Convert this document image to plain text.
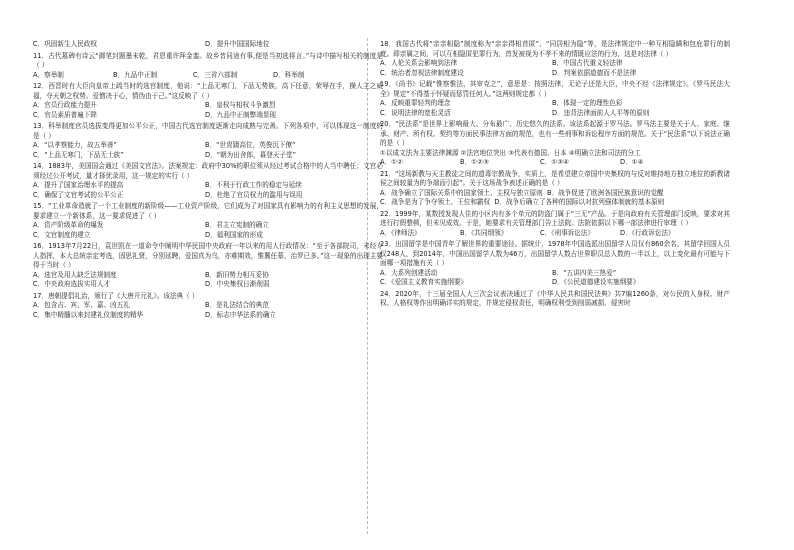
C．巩固新生人民政权	D．提升中国国际地位

11．古代墓碑有诗云“御笔封题墨未乾，君恩重许拜金銮。故乡昔同途有事,便是当初选将言。”与诗中描写相关的制度是（ ）

A．察举制	B．九品中正制	C．三省六部制	D．科举制

12．西晋时有大臣向皇帝上疏当时的选官制度，他说：“上品无寒门，下品无势族，高下任意，荣辱在手，操人主之威福，夺天朝之权势。爱憎决于心，情伪由于己。”这反映了（ ）

A．官员行政能力提升	B．皇权与相权斗争激烈
C．官员素质普遍下降	D．九品中正制弊端显现

13．科举制度官员选拔变得更加公平公正，中国古代选官制度逐渐走向成熟与完善。下列各项中，可以体现这一制度的是（ ）

A．“以孝察能力，故五举善”	B．“世胄蹑高位，英俊沉下僚”
C．“上品无寒门，下品无士族”	D．“朝为田舍郎，暮登天子堂”

14．1883年，美国国会通过《美国文官法》。法案规定：政府中30%的职位须从经过考试合格中的人当中聘任；文官必须经过公开考试，量才择优录用，这一规定的实行（ ）

A．提升了国家治理水平的提高	B．不利于行政工作的稳定与延续
C．确保了文官考试的公平公正	D．杜绝了官员权力的滥用与误用

15．“工业革命造就了一个工业制度的新阶级——工业资产阶级，它们成为了对国家具有影响力的有利主义思想的发展，要求建立一个新体系，这一要求促进了（ ）

A．资产阶级革命的爆发	B．君主立宪制的确立
C．文官制度的建立	D．福利国家的形成

16．1913年7月22日，袁世凯在一道命令中阐明中华民国中央政府一年以来的用人行政情况：“至于各部院司，未经专人指挥，本大总统亲定考选，固思礼贤，分别延聘，爱国真为乌，亦难期效，惟冀任幕，治罗已多。”这一现象的出现主要得于当时（ ）

A．选官及用人缺乏法规制度	B．新旧势力相互妥协
C．中央政府选拔实用人才	D．中央集权日渐削弱

17．唐朝提倡礼治，颁行了《大唐开元礼》。该法典（ ）

A．包含吉、宾、军、嘉、凶五礼	B．是礼法结合的典范
C．集中精髓以来封建礼仪制度的精华	D．标志中华法系的确立

18．我国古代将“亲亲相隐”制度称为“亲亲得相首匿”、“同居相为隐”等，是法律规定中一种互相隐瞒和包庇罪行的制度。即亲属之间，可以互相隐匿犯罪行为，首发被视为不孝不来的情既应法的行为，这是对法律（ ）

A．人伦关系会影响到法律	B．中国古代重义轻法律
C．统治者忽视法律制度建设	D．判案依据道德而不是法律

19．《尚书》记载“惟察惟法，其审克之”，意思是：按照法律，无论子还是大臣，中央不经《法律规定》。《罗马民法大全》规定“不得基于怀疑而惩罚任何人。”这两则规定都（ ）

A．反映重罪轻判的理念	B．体现一定的理性色彩
C．说明法律的宽松灵活	D．违背法律面前人人平等的原则

20．“民法系”是世界上影响最大、分布最广、历史悠久的法系。该法系起源于罗马法。罗马法主要是关于人、家庭、继承、财产、所有权、契约等方面民事法律方面的规范，也有一些刑事和诉讼程序方面的规范。关于“民法系”以下说法正确的是（ ）

①以成文法为主要法律渊源 ②法官地位突出 ③代表有德国、日本 ④明确立法和司法的分工
A．①②	B．①②③	C．①③④	D．①④

21．“这场新教与天主教徒之间的遗毒宗教战争，实质上，是希望建立帝国中央集权的与反对维持地方独立地位的新教诸侯之间较量为的争端而引起”。关于这场战争表述正确的是（ ）

A．战争确立了国际关系中的国家领土、主权与独立原则 B．战争促进了欧洲各国民族意识的觉醒

C．战争是为了争夺领土、王位和霸权 D．战争后确立了各种的国际以对抗列强体制就的基本原则

22．1999年，某数授发现人住的小区内有多个单元的防盗门属于“三无”产品。于是向政府有关管理部门反映，要求对其进行打假整顿，但未见成效。于是，她要求有关管理部门告上法院。法院依据以下哪一部法律进行审理（ ）

A．《律师法》	B．《共同纲领》	C．《刑事诉讼法》	D．《行政诉讼法》

23．出国留学是中国青年了解世界的重要途径。据统计，1978年中国选派出国留学人员仅有860余名，其留学回国人员仅248人，到2014年，中国出国留学人数为46万，出国留学人数占世界职员总人数的一半以上，以上变化最有可能与下面哪一项措施有关（ ）

A．大系列创建活动	B．“五讲四美三热爱”
C．《爱国主义教育实施纲要》	D．《公民道德建设实施纲要》

24．2020年，十三届全国人大三次会议表决通过了《中华人民共和国民法典》共7编1260条，对公民的人身权、财产权、人格权等作出明确详实的规定，并规定侵权责任，明确权利受到削弱减损、侵害时
